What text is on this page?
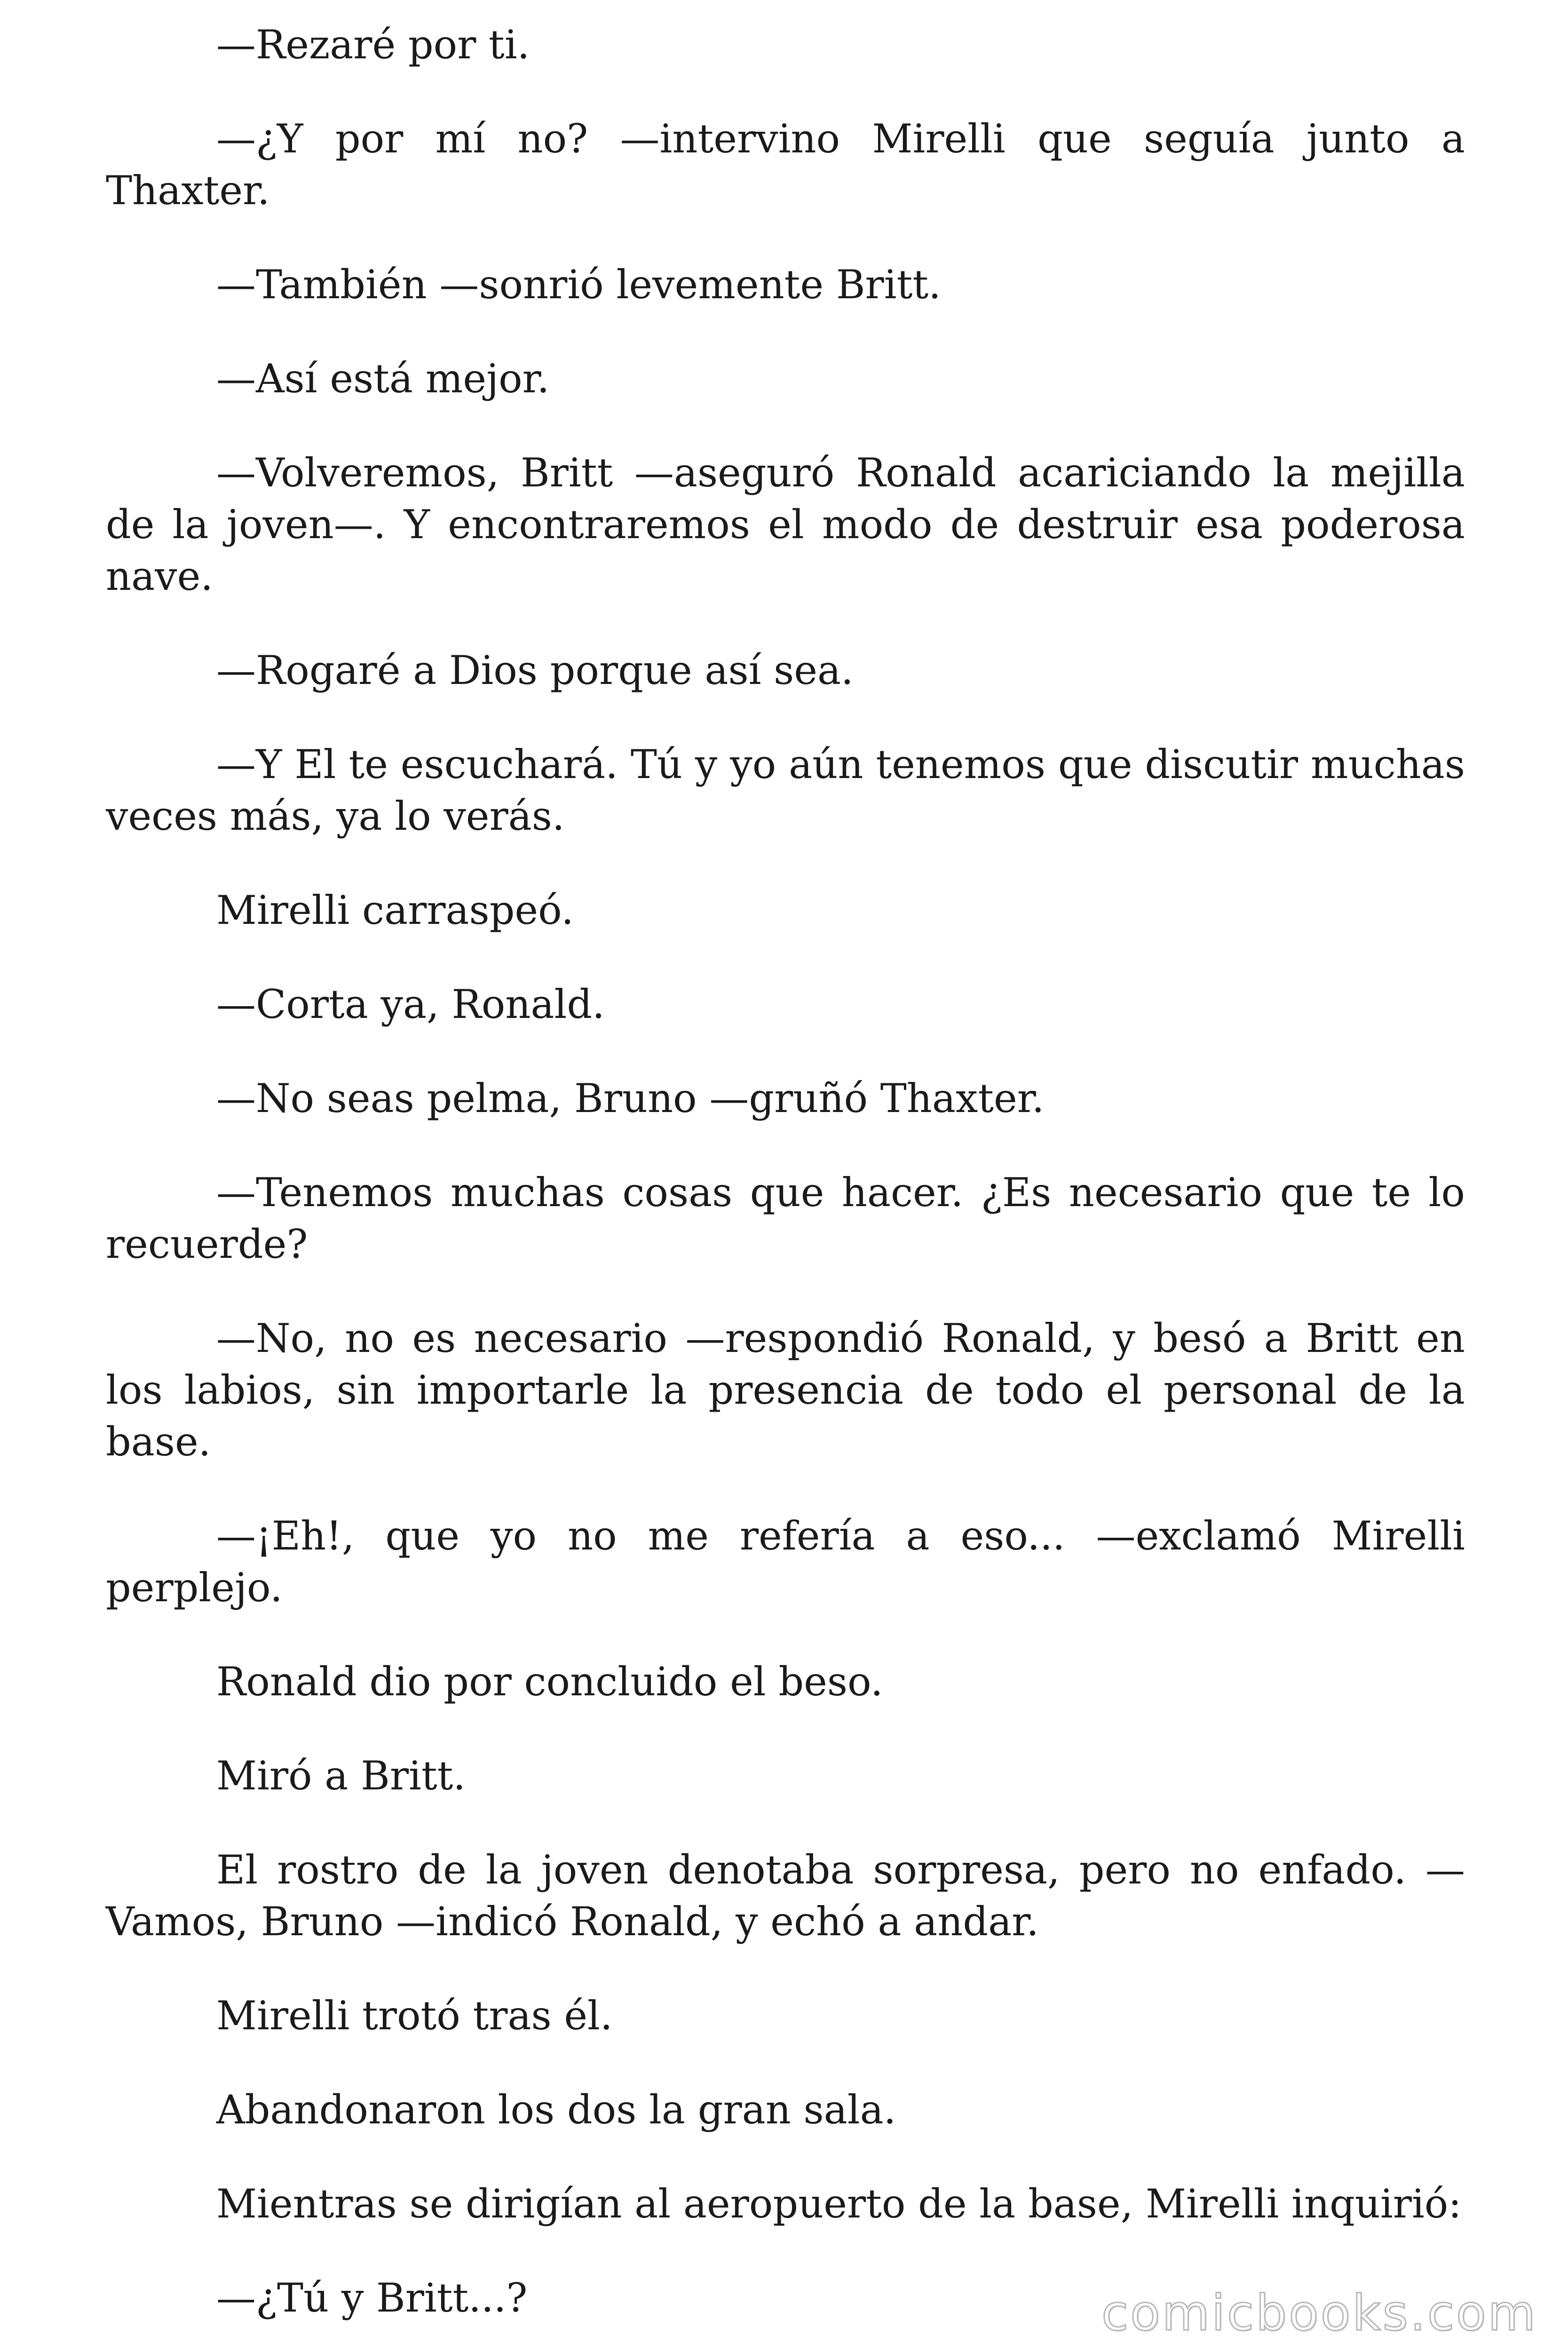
—Rezaré por ti.

—¿Y por mí no? —intervino Mirelli que seguía junto a Thaxter.

—También —sonrió levemente Britt.

—Así está mejor.

—Volveremos, Britt —aseguró Ronald acariciando la mejilla de la joven—. Y encontraremos el modo de destruir esa poderosa nave.

—Rogaré a Dios porque así sea.

—Y El te escuchará. Tú y yo aún tenemos que discutir muchas veces más, ya lo verás.

Mirelli carraspeó.

—Corta ya, Ronald.

—No seas pelma, Bruno —gruñó Thaxter.

—Tenemos muchas cosas que hacer. ¿Es necesario que te lo recuerde?

—No, no es necesario —respondió Ronald, y besó a Britt en los labios, sin importarle la presencia de todo el personal de la base.

—¡Eh!, que yo no me refería a eso... —exclamó Mirelli perplejo.

Ronald dio por concluido el beso.

Miró a Britt.

El rostro de la joven denotaba sorpresa, pero no enfado. —Vamos, Bruno —indicó Ronald, y echó a andar.

Mirelli trotó tras él.

Abandonaron los dos la gran sala.

Mientras se dirigían al aeropuerto de la base, Mirelli inquirió:

—¿Tú y Britt...?	comicbooks.com
